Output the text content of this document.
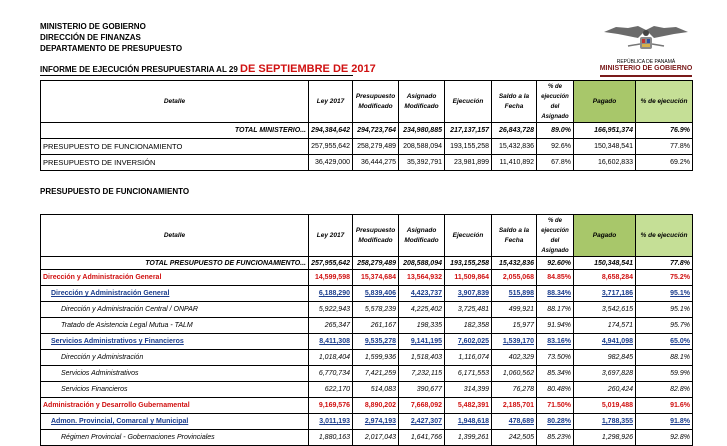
MINISTERIO DE GOBIERNO
DIRECCIÓN DE FINANZAS
DEPARTAMENTO DE PRESUPUESTO
INFORME DE EJECUCIÓN PRESUPUESTARIA AL 29 DE SEPTIEMBRE DE 2017
REPÚBLICA DE PANAMÁ
MINISTERIO DE GOBIERNO
Detalle	Ley 2017	Presupuesto Modificado	Asignado Modificado	Ejecución	Saldo a la Fecha	% de ejecución del Asignado	Pagado	% de ejecución
TOTAL MINISTERIO...	294,384,642	294,723,764	234,980,885	217,137,157	26,843,728	89.0%	166,951,374	76.9%
PRESUPUESTO DE FUNCIONAMIENTO	257,955,642	258,279,489	208,588,094	193,155,258	15,432,836	92.6%	150,348,541	77.8%
PRESUPUESTO DE INVERSIÓN	36,429,000	36,444,275	35,392,791	23,981,899	11,410,892	67.8%	16,602,833	69.2%
PRESUPUESTO DE FUNCIONAMIENTO
Detalle	Ley 2017	Presupuesto Modificado	Asignado Modificado	Ejecución	Saldo a la Fecha	% de ejecución del Asignado	Pagado	% de ejecución
TOTAL PRESUPUESTO DE FUNCIONAMIENTO...	257,955,642	258,279,489	208,588,094	193,155,258	15,432,836	92.60%	150,348,541	77.8%
Dirección y Administración General	14,599,598	15,374,684	13,564,932	11,509,864	2,055,068	84.85%	8,658,284	75.2%
Dirección y Administración General	6,188,290	5,839,406	4,423,737	3,907,839	515,898	88.34%	3,717,186	95.1%
Dirección y Administración Central / ONPAR	5,922,943	5,578,239	4,225,402	3,725,481	499,921	88.17%	3,542,615	95.1%
Tratado de Asistencia Legal Mutua - TALM	265,347	261,167	198,335	182,358	15,977	91.94%	174,571	95.7%
Servicios Administrativos y Financieros	8,411,308	9,535,278	9,141,195	7,602,025	1,539,170	83.16%	4,941,098	65.0%
Dirección y Administración	1,018,404	1,599,936	1,518,403	1,116,074	402,329	73.50%	982,845	88.1%
Servicios Administrativos	6,770,734	7,421,259	7,232,115	6,171,553	1,060,562	85.34%	3,697,828	59.9%
Servicios Financieros	622,170	514,083	390,677	314,399	76,278	80.48%	260,424	82.8%
Administración y Desarrollo Gubernamental	9,169,576	8,890,202	7,668,092	5,482,391	2,185,701	71.50%	5,019,488	91.6%
Admon. Provincial, Comarcal y Municipal	3,011,193	2,974,193	2,427,307	1,948,618	478,689	80.28%	1,788,355	91.8%
Régimen Provincial - Gobernaciones Provinciales	1,880,163	2,017,043	1,641,766	1,399,261	242,505	85.23%	1,298,926	92.8%
